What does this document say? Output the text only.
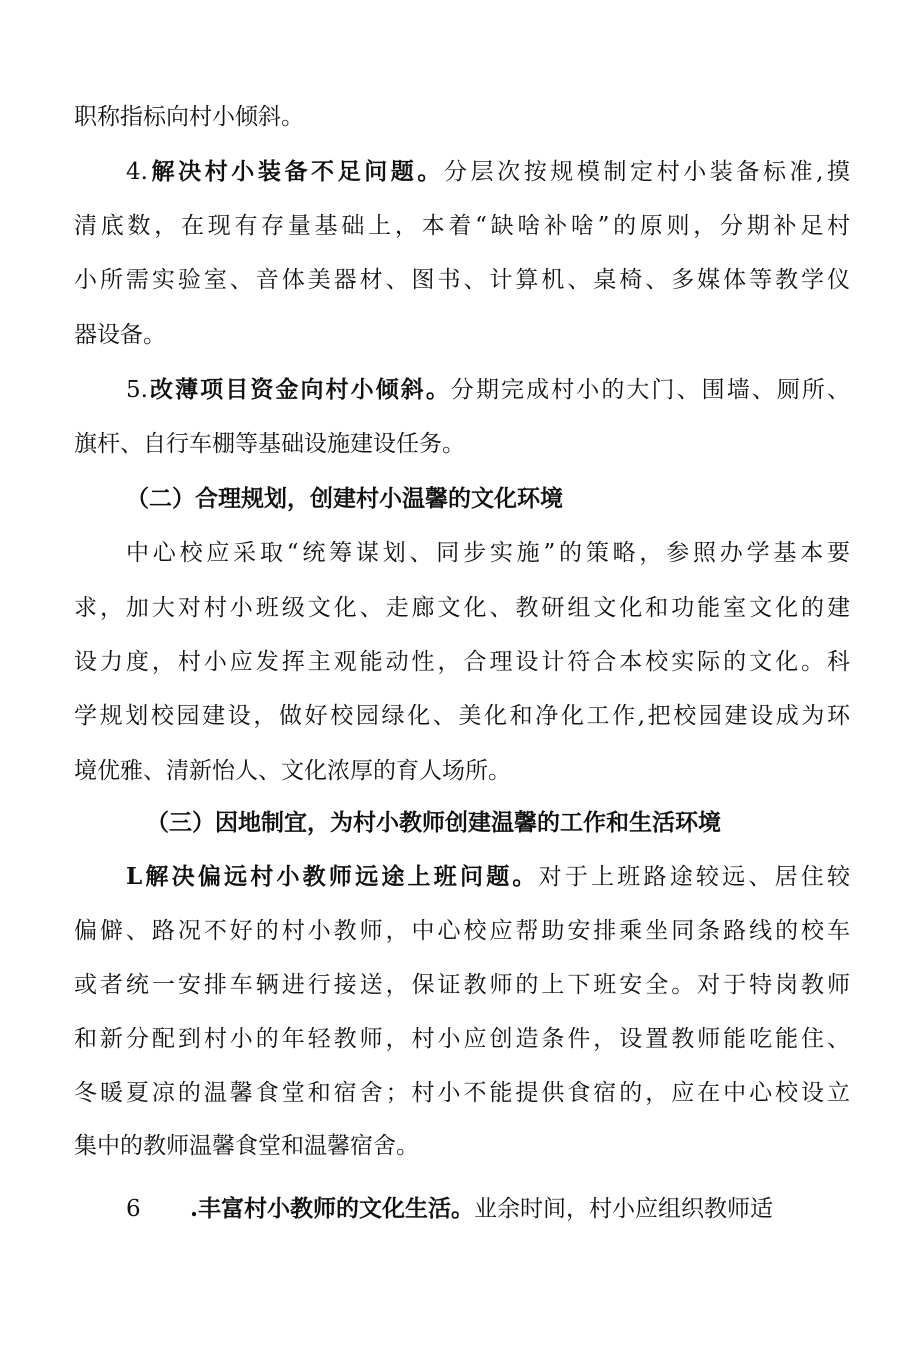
职称指标向村小倾斜。
4.解决村小装备不足问题。分层次按规模制定村小装备标准,摸
清底数，在现有存量基础上，本着“缺啥补啥”的原则，分期补足村
小所需实验室、音体美器材、图书、计算机、桌椅、多媒体等教学仪
器设备。
5.改薄项目资金向村小倾斜。分期完成村小的大门、围墙、厕所、
旗杆、自行车棚等基础设施建设任务。
（二）合理规划，创建村小温馨的文化环境
中心校应采取“统筹谋划、同步实施”的策略，参照办学基本要
求，加大对村小班级文化、走廊文化、教研组文化和功能室文化的建
设力度，村小应发挥主观能动性，合理设计符合本校实际的文化。科
学规划校园建设，做好校园绿化、美化和净化工作,把校园建设成为环
境优雅、清新怡人、文化浓厚的育人场所。
（三）因地制宜，为村小教师创建温馨的工作和生活环境
L解决偏远村小教师远途上班问题。对于上班路途较远、居住较
偏僻、路况不好的村小教师，中心校应帮助安排乘坐同条路线的校车
或者统一安排车辆进行接送，保证教师的上下班安全。对于特岗教师
和新分配到村小的年轻教师，村小应创造条件，设置教师能吃能住、
冬暖夏凉的温馨食堂和宿舍；村小不能提供食宿的，应在中心校设立
集中的教师温馨食堂和温馨宿舍。
6 .丰富村小教师的文化生活。业余时间，村小应组织教师适
